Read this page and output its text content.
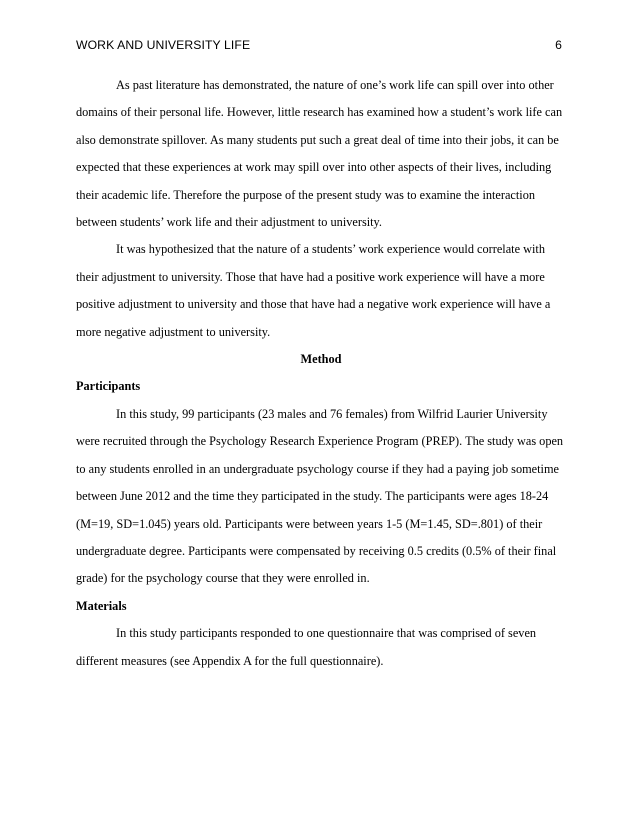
WORK AND UNIVERSITY LIFE	6

As past literature has demonstrated, the nature of one’s work life can spill over into other domains of their personal life. However, little research has examined how a student’s work life can also demonstrate spillover. As many students put such a great deal of time into their jobs, it can be expected that these experiences at work may spill over into other aspects of their lives, including their academic life. Therefore the purpose of the present study was to examine the interaction between students’ work life and their adjustment to university.

It was hypothesized that the nature of a students’ work experience would correlate with their adjustment to university. Those that have had a positive work experience will have a more positive adjustment to university and those that have had a negative work experience will have a more negative adjustment to university.

Method
Participants

In this study, 99 participants (23 males and 76 females) from Wilfrid Laurier University were recruited through the Psychology Research Experience Program (PREP). The study was open to any students enrolled in an undergraduate psychology course if they had a paying job sometime between June 2012 and the time they participated in the study. The participants were ages 18-24 (M=19, SD=1.045) years old. Participants were between years 1-5 (M=1.45, SD=.801) of their undergraduate degree. Participants were compensated by receiving 0.5 credits (0.5% of their final grade) for the psychology course that they were enrolled in.

Materials

In this study participants responded to one questionnaire that was comprised of seven different measures (see Appendix A for the full questionnaire).
